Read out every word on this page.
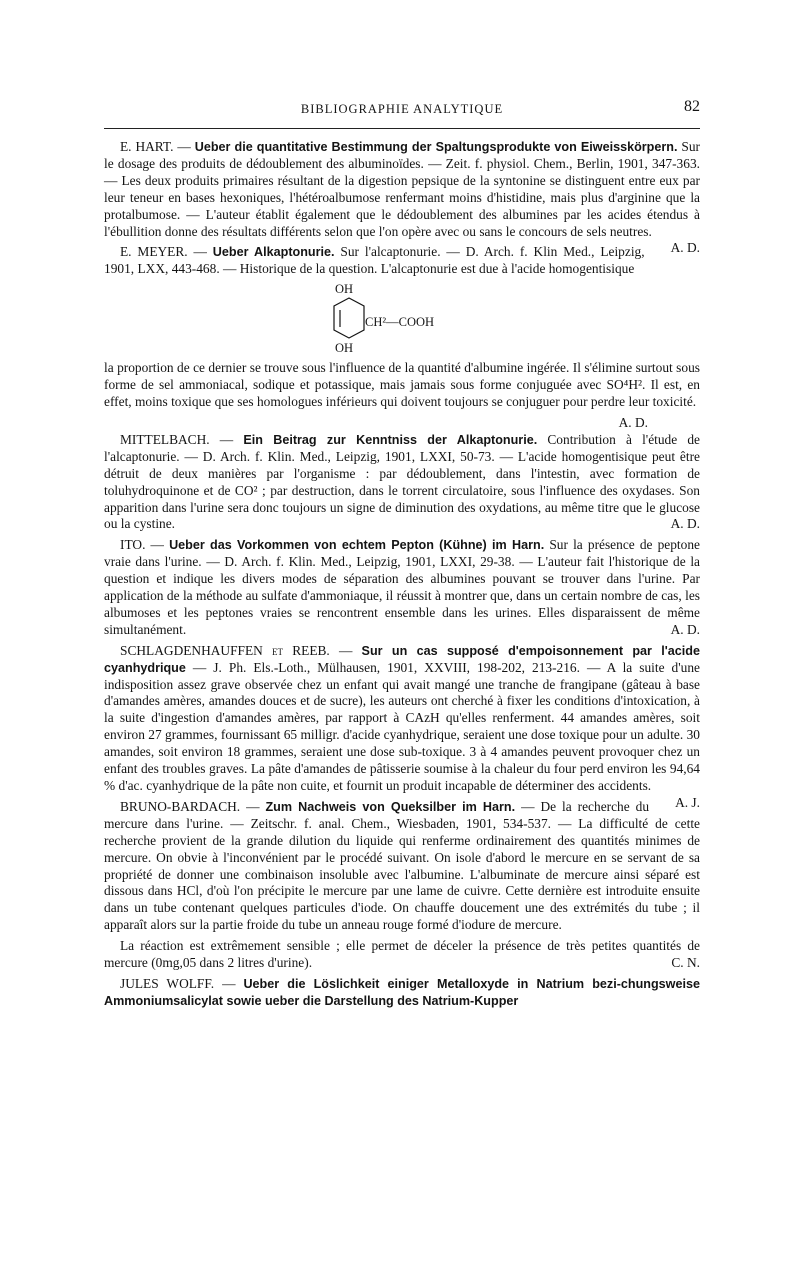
BIBLIOGRAPHIE ANALYTIQUE	82

E. HART. — Ueber die quantitative Bestimmung der Spaltungsprodukte von Eiweisskörpern. Sur le dosage des produits de dédoublement des albuminoïdes. — Zeit. f. physiol. Chem., Berlin, 1901, 347-363. — Les deux produits primaires résultant de la digestion pepsique de la syntonine se distinguent entre eux par leur teneur en bases hexoniques, l'hétéroalbumose renfermant moins d'histidine, mais plus d'arginine que la protalbumose. — L'auteur établit également que le dédoublement des albumines par les acides étendus à l'ébullition donne des résultats différents selon que l'on opère avec ou sans le concours de sels neutres.
A. D.

E. MEYER. — Ueber Alkaptonurie. Sur l'alcaptonurie. — D. Arch. f. Klin Med., Leipzig, 1901, LXX, 443-468. — Historique de la question. L'alcaptonurie est due à l'acide homogentisique

OH
CH²—COOH
OH

la proportion de ce dernier se trouve sous l'influence de la quantité d'albumine ingérée. Il s'élimine surtout sous forme de sel ammoniacal, sodique et potassique, mais jamais sous forme conjuguée avec SO⁴H². Il est, en effet, moins toxique que ses homologues inférieurs qui doivent toujours se conjuguer pour perdre leur toxicité.

A. D.

MITTELBACH. — Ein Beitrag zur Kenntniss der Alkaptonurie. Contribution à l'étude de l'alcaptonurie. — D. Arch. f. Klin. Med., Leipzig, 1901, LXXI, 50-73. — L'acide homogentisique peut être détruit de deux manières par l'organisme : par dédoublement, dans l'intestin, avec formation de toluhydroquinone et de CO² ; par destruction, dans le torrent circulatoire, sous l'influence des oxydases. Son apparition dans l'urine sera donc toujours un signe de diminution des oxydations, au même titre que le glucose ou la cystine.	A. D.

ITO. — Ueber das Vorkommen von echtem Pepton (Kühne) im Harn. Sur la présence de peptone vraie dans l'urine. — D. Arch. f. Klin. Med., Leipzig, 1901, LXXI, 29-38. — L'auteur fait l'historique de la question et indique les divers modes de séparation des albumines pouvant se trouver dans l'urine. Par application de la méthode au sulfate d'ammoniaque, il réussit à montrer que, dans un certain nombre de cas, les albumoses et les peptones vraies se rencontrent ensemble dans les urines. Elles disparaissent de même simultanément.	A. D.

SCHLAGDENHAUFFEN et REEB. — Sur un cas supposé d'empoisonnement par l'acide cyanhydrique — J. Ph. Els.-Loth., Mülhausen, 1901, XXVIII, 198-202, 213-216. — A la suite d'une indisposition assez grave observée chez un enfant qui avait mangé une tranche de frangipane (gâteau à base d'amandes amères, amandes douces et de sucre), les auteurs ont cherché à fixer les conditions d'intoxication, à la suite d'ingestion d'amandes amères, par rapport à CAzH qu'elles renferment. 44 amandes amères, soit environ 27 grammes, fournissant 65 milligr. d'acide cyanhydrique, seraient une dose toxique pour un adulte. 30 amandes, soit environ 18 grammes, seraient une dose sub-toxique. 3 à 4 amandes peuvent provoquer chez un enfant des troubles graves. La pâte d'amandes de pâtisserie soumise à la chaleur du four perd environ les 94,64 % d'ac. cyanhydrique de la pâte non cuite, et fournit un produit incapable de déterminer des accidents.
A. J.

BRUNO-BARDACH. — Zum Nachweis von Queksilber im Harn. — De la recherche du mercure dans l'urine. — Zeitschr. f. anal. Chem., Wiesbaden, 1901, 534-537. — La difficulté de cette recherche provient de la grande dilution du liquide qui renferme ordinairement des quantités minimes de mercure. On obvie à l'inconvénient par le procédé suivant. On isole d'abord le mercure en se servant de sa propriété de donner une combinaison insoluble avec l'albumine. L'albuminate de mercure ainsi séparé est dissous dans HCl, d'où l'on précipite le mercure par une lame de cuivre. Cette dernière est introduite ensuite dans un tube contenant quelques particules d'iode. On chauffe doucement une des extrémités du tube ; il apparaît alors sur la partie froide du tube un anneau rouge formé d'iodure de mercure.

La réaction est extrêmement sensible ; elle permet de déceler la présence de très petites quantités de mercure (0mg,05 dans 2 litres d'urine).	C. N.

JULES WOLFF. — Ueber die Löslichkeit einiger Metalloxyde in Natrium bezi-chungsweise Ammoniumsalicylat sowie ueber die Darstellung des Natrium-Kupper
